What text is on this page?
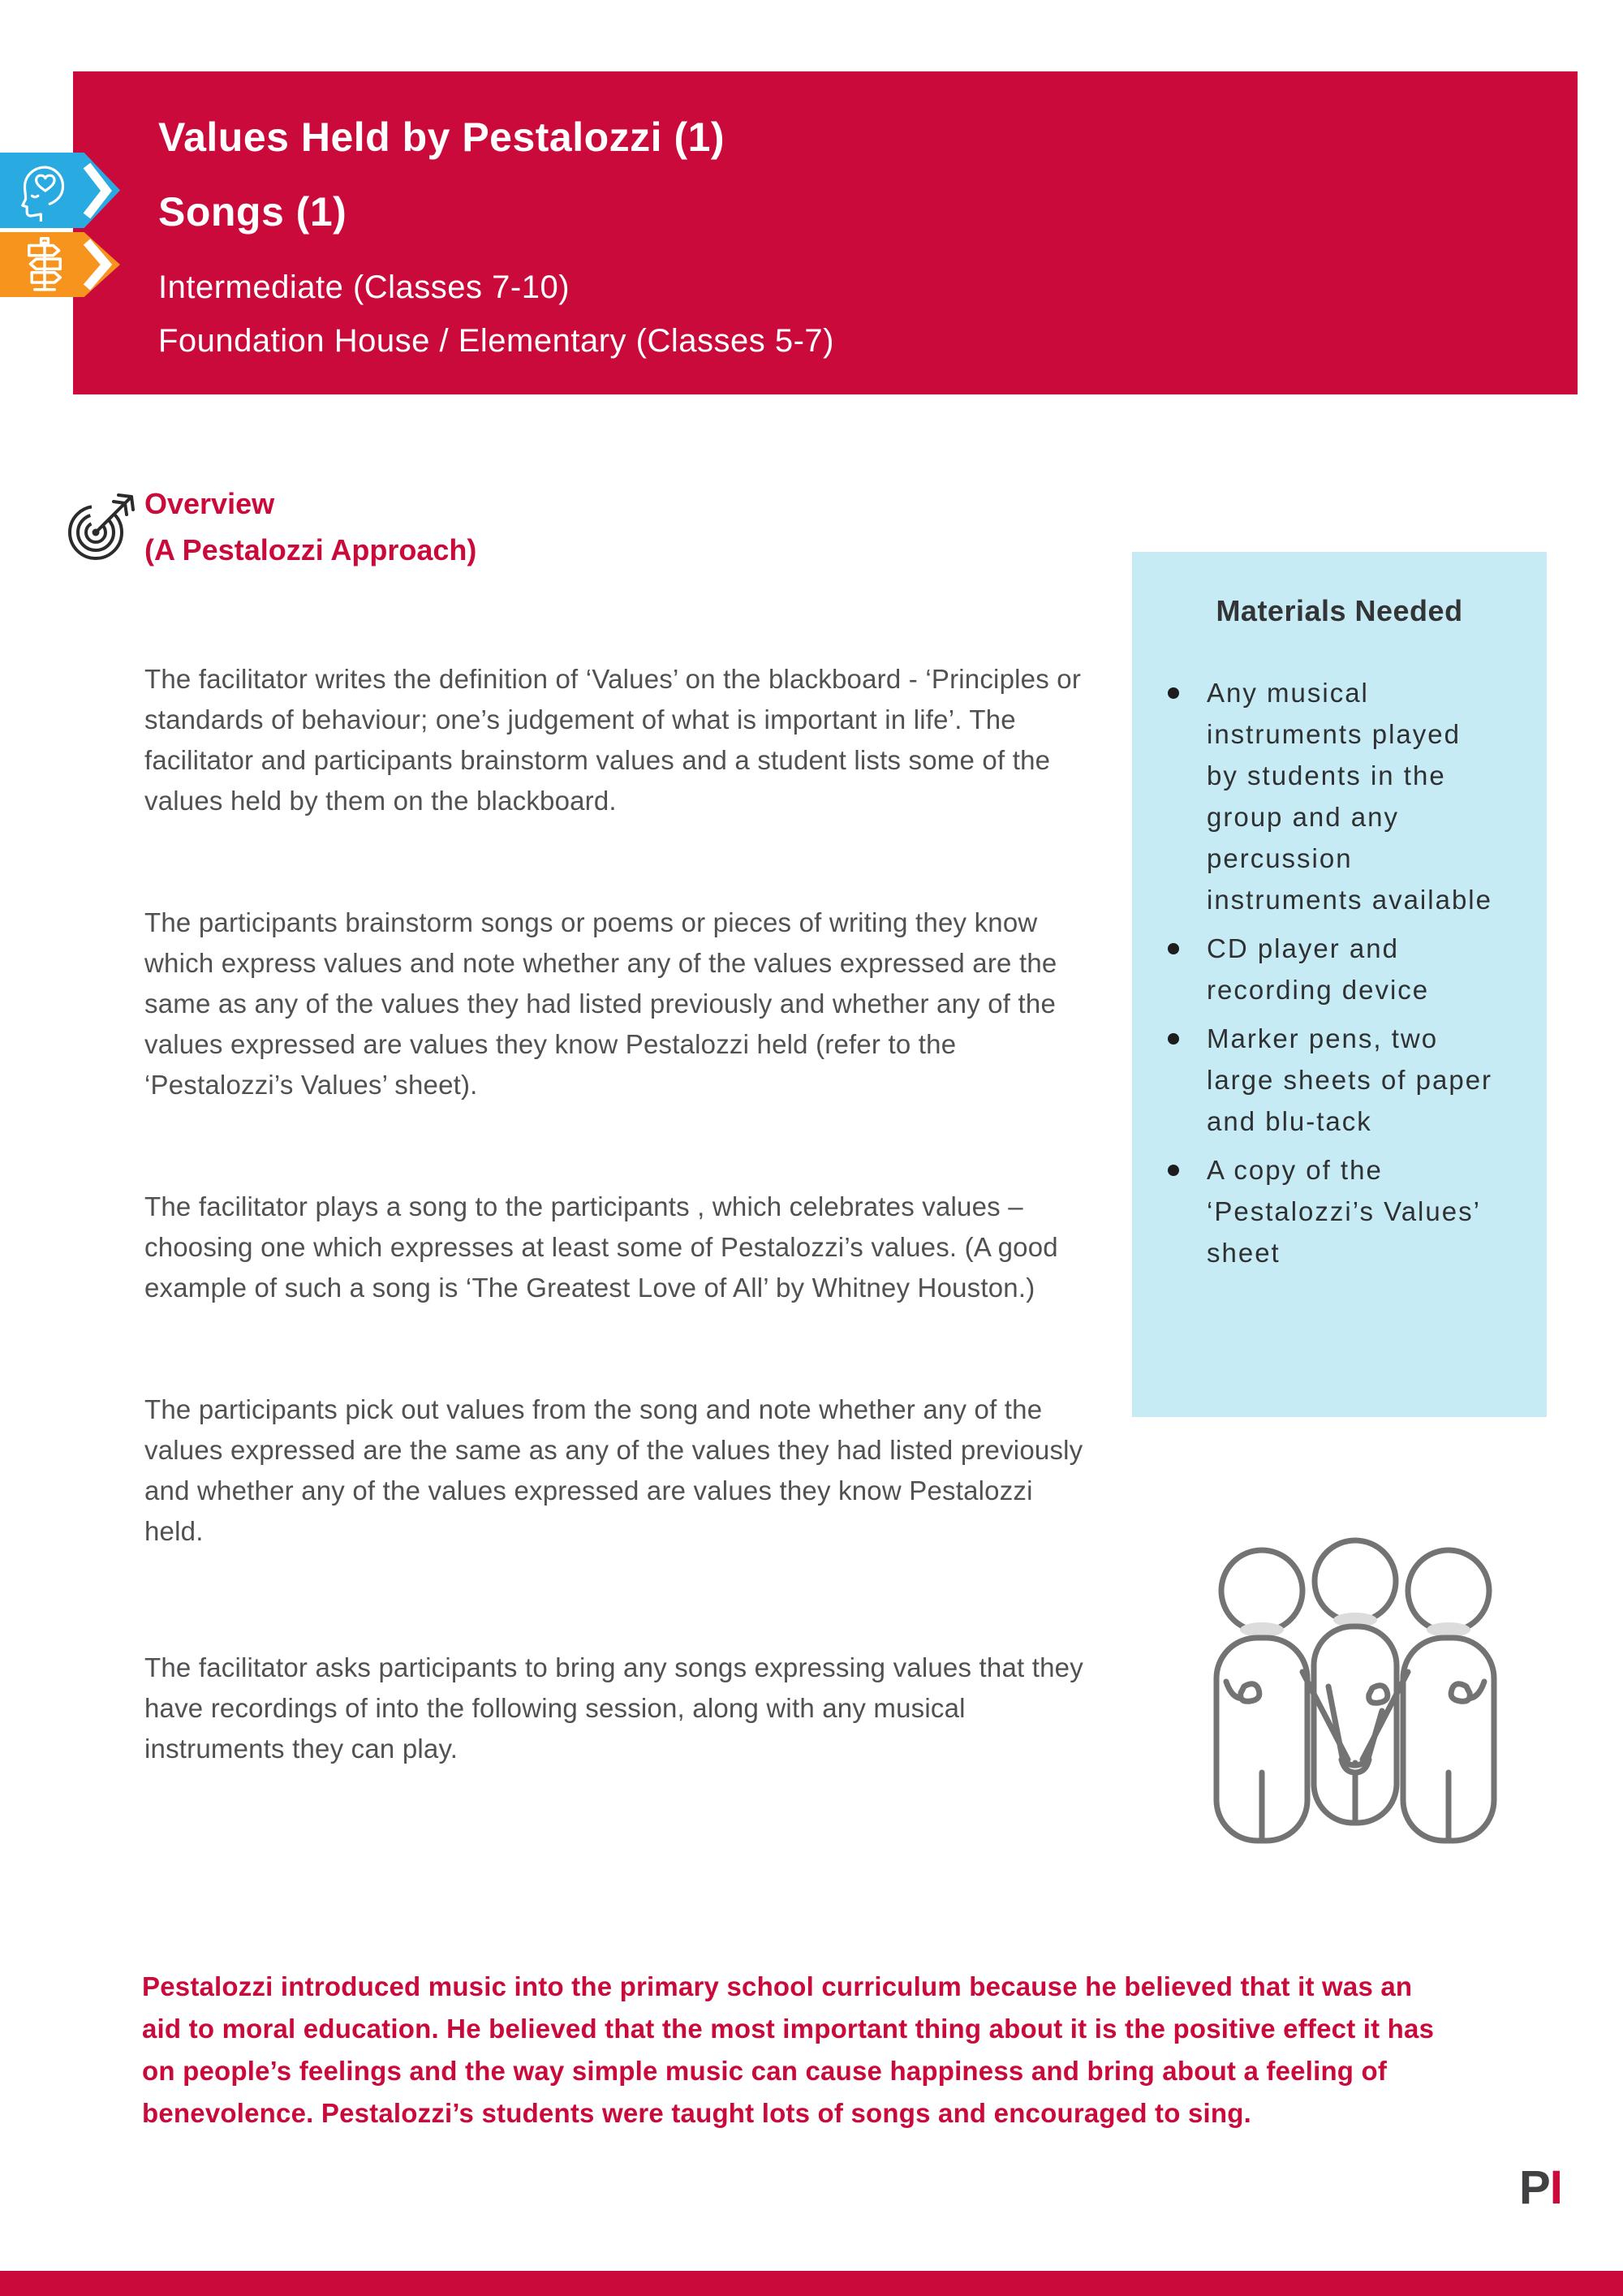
Values Held by Pestalozzi (1)
Songs (1)
Intermediate (Classes 7-10)
Foundation House / Elementary (Classes 5-7)
Overview
(A Pestalozzi Approach)
The facilitator writes the definition of ‘Values’ on the blackboard - ‘Principles or standards of behaviour; one’s judgement of what is important in life’. The facilitator and participants brainstorm values and a student lists some of the values held by them on the blackboard.
The participants brainstorm songs or poems or pieces of writing they know which express values and note whether any of the values expressed are the same as any of the values they had listed previously and whether any of the values expressed are values they know Pestalozzi held (refer to the ‘Pestalozzi’s Values’ sheet).
The facilitator plays a song to the participants , which celebrates values – choosing one which expresses at least some of Pestalozzi’s values. (A good example of such a song is ‘The Greatest Love of All’ by Whitney Houston.)
The participants pick out values from the song and note whether any of the values expressed are the same as any of the values they had listed previously and whether any of the values expressed are values they know Pestalozzi held.
The facilitator asks participants to bring any songs expressing values that they have recordings of into the following session, along with any musical instruments they can play.
Materials Needed
Any musical instruments played by students in the group and any percussion instruments available
CD player and recording device
Marker pens, two large sheets of paper and blu-tack
A copy of the ‘Pestalozzi’s Values’ sheet
Pestalozzi introduced music into the primary school curriculum because he believed that it was an aid to moral education. He believed that the most important thing about it is the positive effect it has on people’s feelings and the way simple music can cause happiness and bring about a feeling of benevolence. Pestalozzi’s students were taught lots of songs and encouraged to sing.
PI
